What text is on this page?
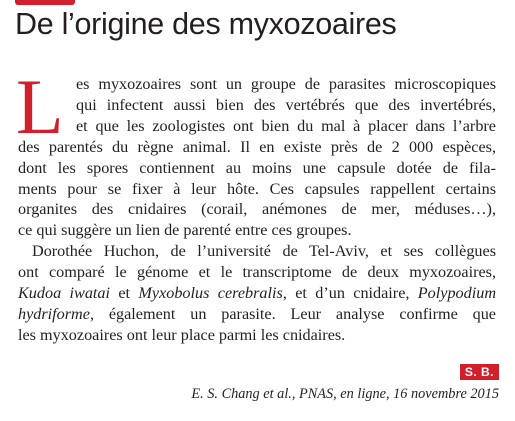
De l’origine des myxozoaires
L es myxozoaires sont un groupe de parasites microscopiques
qui infectent aussi bien des vertébrés que des invertébrés,
et que les zoologistes ont bien du mal à placer dans l’arbre
des parentés du règne animal. Il en existe près de 2 000 espèces,
dont les spores contiennent au moins une capsule dotée de fila-
ments pour se fixer à leur hôte. Ces capsules rappellent certains
organites des cnidaires (corail, anémones de mer, méduses…),
ce qui suggère un lien de parenté entre ces groupes.
Dorothée Huchon, de l’université de Tel-Aviv, et ses collègues
ont comparé le génome et le transcriptome de deux myxozoaires,
Kudoa iwatai et Myxobolus cerebralis, et d’un cnidaire, Polypodium
hydriforme, également un parasite. Leur analyse confirme que
les myxozoaires ont leur place parmi les cnidaires.
S. B.
E. S. Chang et al., PNAS, en ligne, 16 novembre 2015
